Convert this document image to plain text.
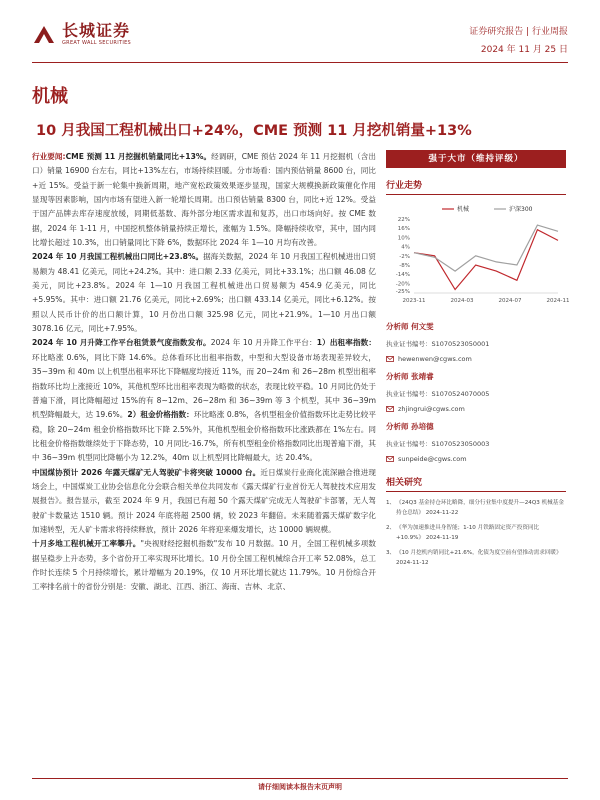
长城证券
GREAT WALL SECURITIES
证券研究报告 | 行业周报
2024 年 11 月 25 日
机械
10 月我国工程机械出口+24%，CME 预测 11 月挖机销量+13%

行业要闻:CME 预测 11 月挖掘机销量同比+13%。经调研，CME 预估 2024 年 11 月挖掘机（含出口）销量 16900 台左右，同比+13%左右，市场持续回暖。分市场看：国内预估销量 8600 台，同比+近 15%。受益于新一轮集中换新周期，地产宽松政策效果逐步显现，国家大规模换新政策催化作用显现等因素影响，国内市场有望进入新一轮增长周期。出口预估销量 8300 台，同比+近 12%。受益于国产品牌去库存速度放缓，同期低基数、海外部分地区需求温和复苏，出口市场向好。按 CME 数据，2024 年 1-11 月，中国挖机整体销量持续正增长，涨幅为 1.5%。降幅持续收窄，其中，国内同比增长超过 10.3%，出口销量同比下降 6%，数据环比 2024 年 1—10 月均有改善。

2024 年 10 月我国工程机械出口同比+23.8%。据海关数据，2024 年 10 月我国工程机械进出口贸易额为 48.41 亿美元，同比+24.2%。其中：进口额 2.33 亿美元，同比+33.1%；出口额 46.08 亿美元，同比+23.8%。2024 年 1—10 月我国工程机械进出口贸易额为 454.9 亿美元，同比+5.95%。其中：进口额 21.76 亿美元，同比+2.69%；出口额 433.14 亿美元，同比+6.12%。按照以人民币计价的出口额计算，10 月份出口额 325.98 亿元，同比+21.9%。1—10 月出口额 3078.16 亿元，同比+7.95%。

2024 年 10 月升降工作平台租赁景气度指数发布。2024 年 10 月升降工作平台：1）出租率指数：环比略涨 0.6%，同比下降 14.6%。总体看环比出租率指数，中型和大型设备市场表现差异较大，35~39m 和 40m 以上机型出租率环比下降幅度均接近 11%，而 20~24m 和 26~28m 机型出租率指数环比均上涨接近 10%，其他机型环比出租率表现为略微的状态，表现比较平稳。10 月同比仍处于普遍下滑，同比降幅超过 15%的有 8~12m、26~28m 和 36~39m 等 3 个机型，其中 36~39m 机型降幅最大，达 19.6%。2）租金价格指数：环比略涨 0.8%，各机型租金价值指数环比走势比较平稳，除 20~24m 租金价格指数环比下降 2.5%外，其他机型租金价格指数环比涨跌都在 1%左右。同比租金价格指数继续处于下降态势，10 月同比-16.7%，所有机型租金价格指数同比出现普遍下滑，其中 36~39m 机型同比降幅小为 12.2%，40m 以上机型同比降幅最大，达 20.4%。

中国煤协预计 2026 年露天煤矿无人驾驶矿卡将突破 10000 台。近日煤炭行业商化流深融合推进现场会上，中国煤炭工业协会信息化分会联合相关单位共同发布《露天煤矿行业首份无人驾驶技术应用发展报告》。报告显示，截至 2024 年 9 月，我国已有超 50 个露天煤矿完成无人驾驶矿卡部署，无人驾驶矿卡数量达 1510 辆。预计 2024 年底将超 2500 辆，较 2023 年翻倍。未来随着露天煤矿数字化加速转型，无人矿卡需求将持续释放，预计 2026 年将迎来爆发增长，达 10000 辆规模。

十月多地工程机械开工率攀升。"央视财经挖掘机指数"发布 10 月数据。10 月，全国工程机械多项数据呈稳步上升态势，多个省份开工率实现环比增长。10 月份全国工程机械综合开工率 52.08%，总工作时长连续 5 个月持续增长，累计增幅为 20.19%，仅 10 月环比增长就达 11.79%。10 月份综合开工率排名前十的省份分别是：安徽、湖北、江西、浙江、海南、吉林、北京、

强于大市（维持评级）
行业走势
22%
16%
10%
4%
-2%
-8%
-14%
-20%
-25%
2023-11	2024-03	2024-07	2024-11
机械	沪深300
分析师 何文雯
执业证书编号：S1070523050001
hewenwen@cgws.com
分析师 张靖睿
执业证书编号：S1070524070005
zhjingrui@cgws.com
分析师 孙培德
执业证书编号：S1070523050003
sunpeide@cgws.com
相关研究
1、 《24Q3 基金持仓环比略降，细分行业集中度提升—24Q3 机械基金持仓总结》 2024-11-22
2、 《华为加速推进具身智能；1-10 月铁路固定资产投资同比+10.9%》 2024-11-19
3、 《10 月挖机内销同比+21.6%，化债为度空前有望推动需求回暖》 2024-11-12
请仔细阅读本报告末页声明
